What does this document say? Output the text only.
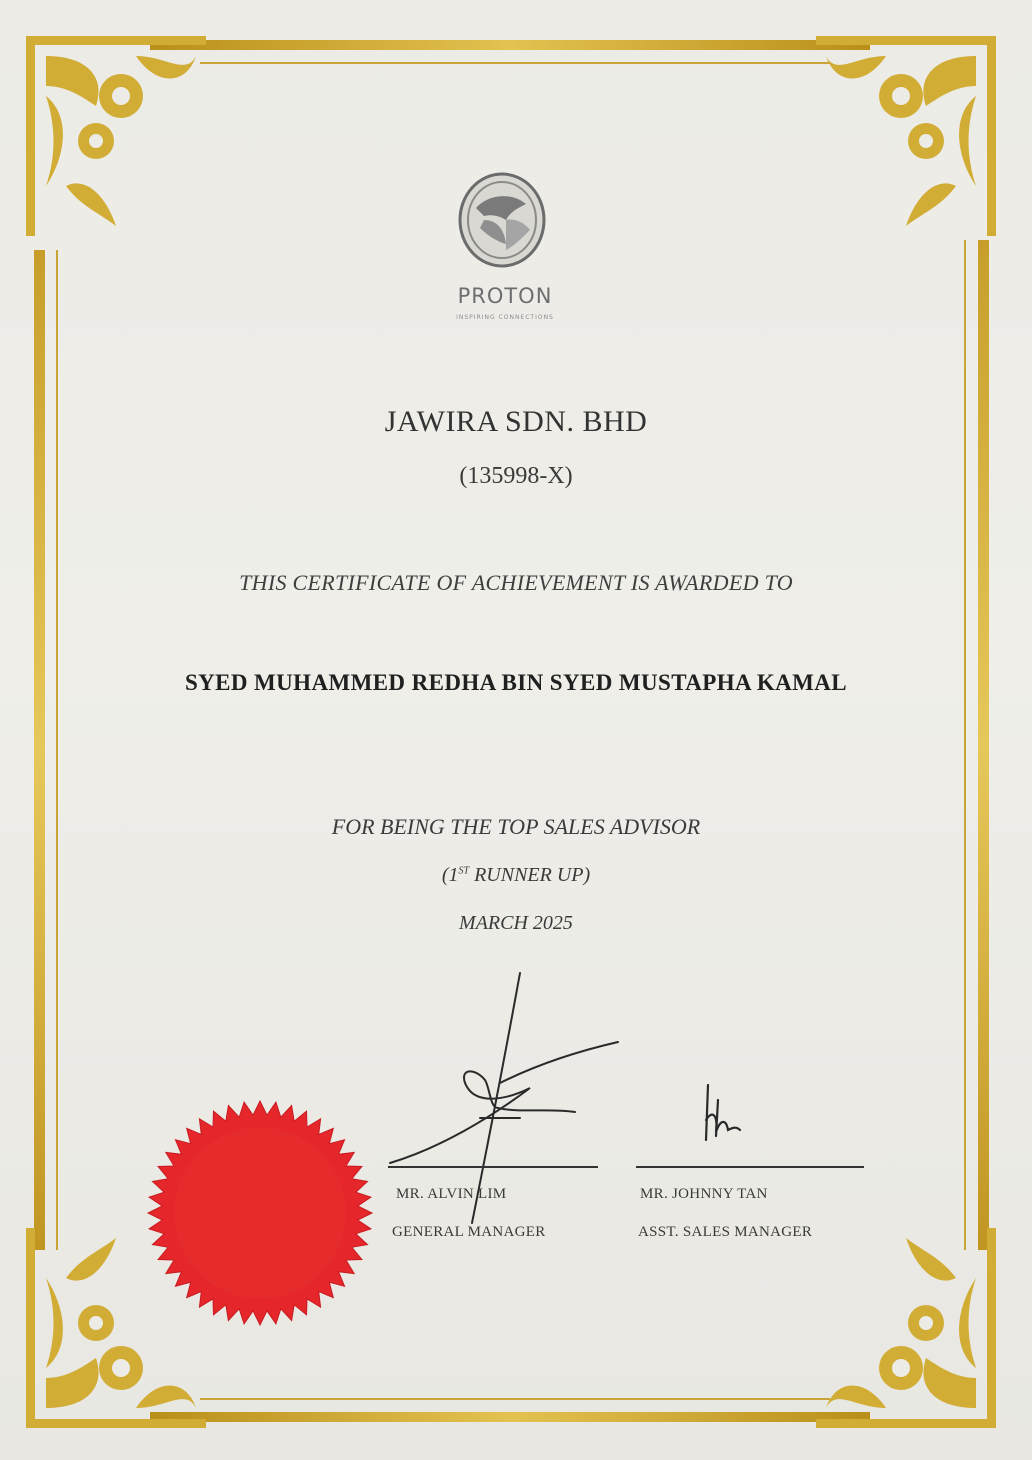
PROTON
INSPIRING CONNECTIONS
JAWIRA SDN. BHD
(135998-X)
THIS CERTIFICATE OF ACHIEVEMENT IS AWARDED TO
SYED MUHAMMED REDHA BIN SYED MUSTAPHA KAMAL
FOR BEING THE TOP SALES ADVISOR
(1ST RUNNER UP)
MARCH 2025
MR. ALVIN LIM
GENERAL MANAGER
MR. JOHNNY TAN
ASST. SALES MANAGER
